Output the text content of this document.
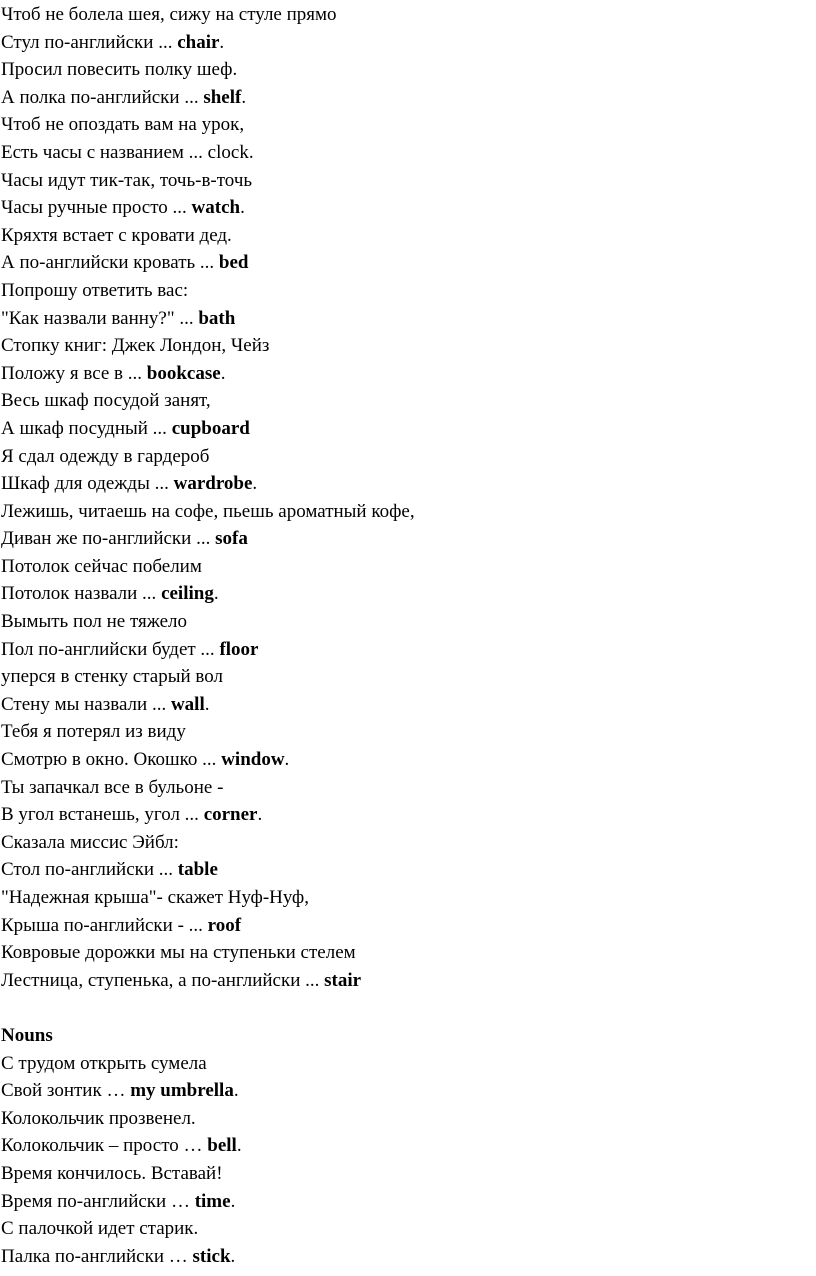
Чтоб не болела шея, сижу на стуле прямо
Стул по-английски ... chair.
Просил повесить полку шеф.
А полка по-английски ... shelf.
Чтоб не опоздать вам на урок,
Есть часы с названием ... clock.
Часы идут тик-так, точь-в-точь
Часы ручные просто ... watch.
Кряхтя встает с кровати дед.
А по-английски кровать ... bed
Попрошу ответить вас:
"Как назвали ванну?" ... bath
Стопку книг: Джек Лондон, Чейз
Положу я все в ... bookcase.
Весь шкаф посудой занят,
А шкаф посудный ... cupboard
Я сдал одежду в гардероб
Шкаф для одежды ... wardrobe.
Лежишь, читаешь на софе, пьешь ароматный кофе,
Диван же по-английски ... sofa
Потолок сейчас побелим
Потолок назвали ... ceiling.
Вымыть пол не тяжело
Пол по-английски будет ... floor
уперся в стенку старый вол
Стену мы назвали ... wall.
Тебя я потерял из виду
Смотрю в окно. Окошко ... window.
Ты запачкал все в бульоне -
В угол встанешь, угол ... corner.
Сказала миссис Эйбл:
Стол по-английски ... table
"Надежная крыша"- скажет Нуф-Нуф,
Крыша по-английски - ... roof
Ковровые дорожки мы на ступеньки стелем
Лестница, ступенька, а по-английски ... stair
Nouns
С трудом открыть сумела
Свой зонтик … my umbrella.
Колокольчик прозвенел.
Колокольчик – просто … bell.
Время кончилось. Вставай!
Время по-английски … time.
С палочкой идет старик.
Палка по-английски … stick.
